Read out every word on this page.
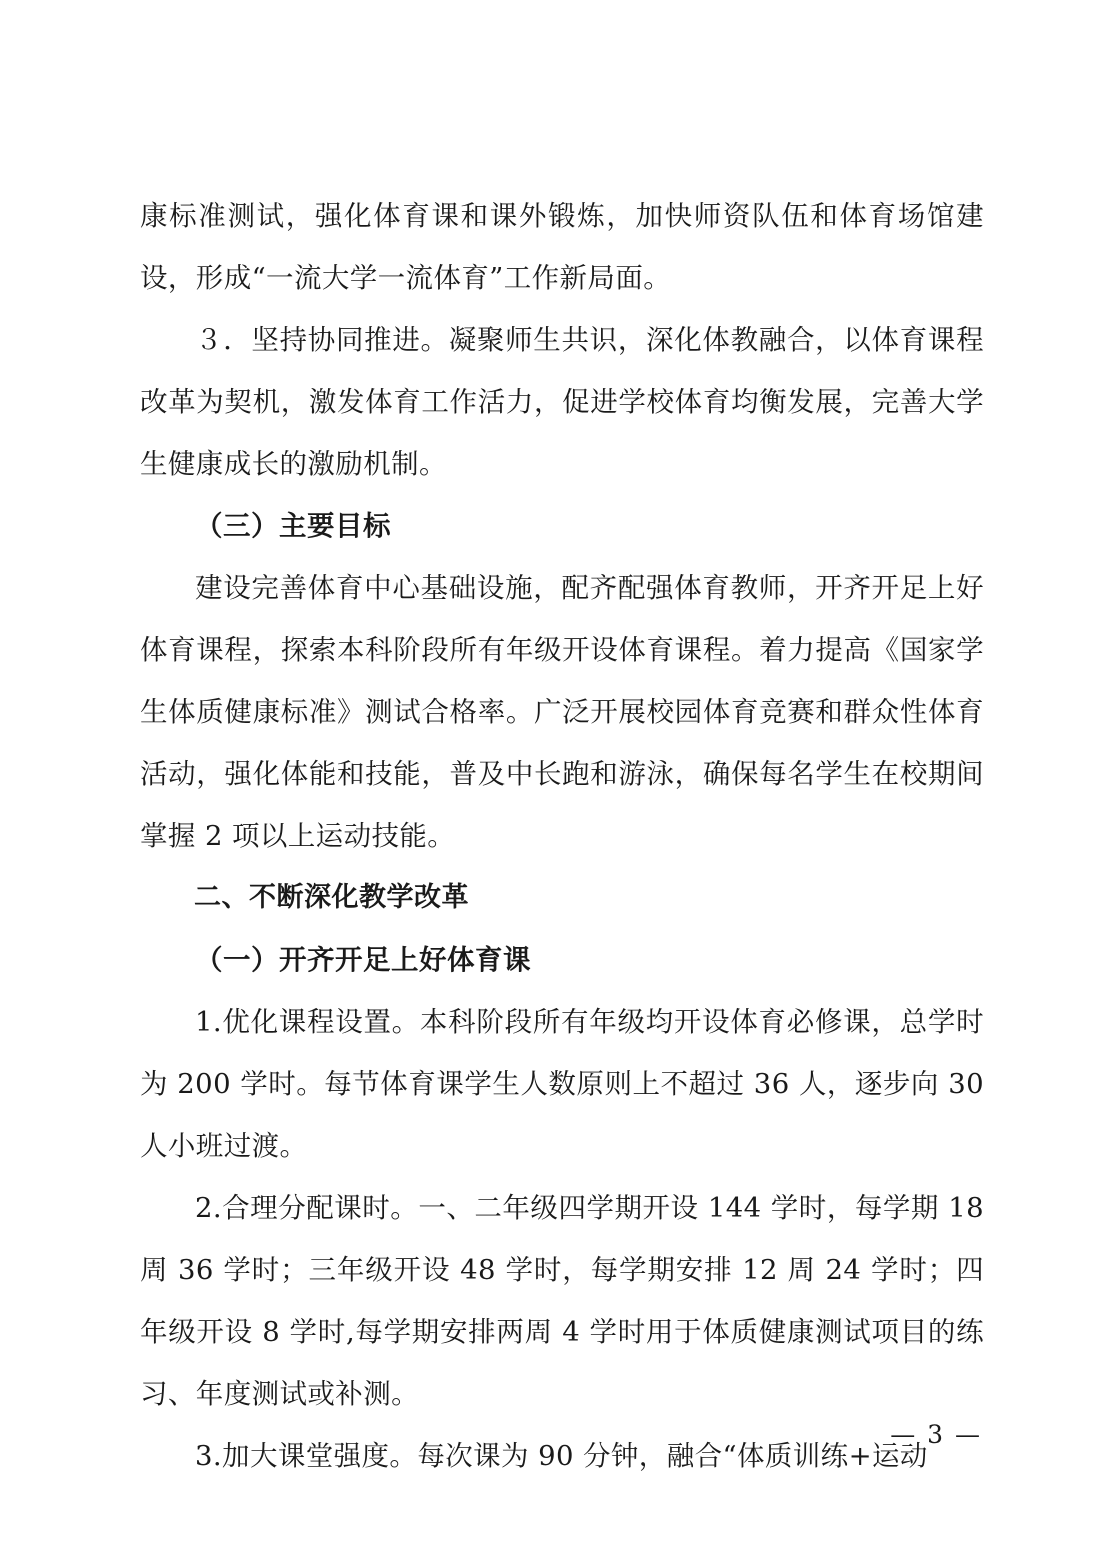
康标准测试，强化体育课和课外锻炼，加快师资队伍和体育场馆建设，形成“一流大学一流体育”工作新局面。

３．坚持协同推进。凝聚师生共识，深化体教融合，以体育课程改革为契机，激发体育工作活力，促进学校体育均衡发展，完善大学生健康成长的激励机制。

（三）主要目标

建设完善体育中心基础设施，配齐配强体育教师，开齐开足上好体育课程，探索本科阶段所有年级开设体育课程。着力提高《国家学生体质健康标准》测试合格率。广泛开展校园体育竞赛和群众性体育活动，强化体能和技能，普及中长跑和游泳，确保每名学生在校期间掌握 2 项以上运动技能。

二、不断深化教学改革

（一）开齐开足上好体育课

1.优化课程设置。本科阶段所有年级均开设体育必修课，总学时为 200 学时。每节体育课学生人数原则上不超过 36 人，逐步向 30 人小班过渡。

2.合理分配课时。一、二年级四学期开设 144 学时，每学期 18 周 36 学时；三年级开设 48 学时，每学期安排 12 周 24 学时；四年级开设 8 学时,每学期安排两周 4 学时用于体质健康测试项目的练习、年度测试或补测。

3.加大课堂强度。每次课为 90 分钟，融合“体质训练+运动

— 3 —
